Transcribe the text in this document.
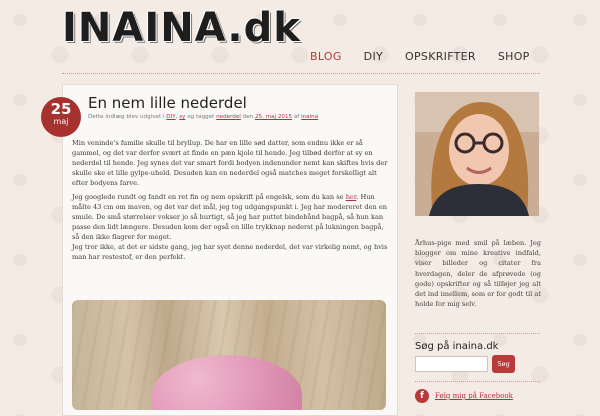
INAINA.dk
BLOG DIY OPSKRIFTER SHOP
25
maj
En nem lille nederdel
Dette indlæg blev udgivet i DIY, sy og tagget nederdel den 25. maj 2015 af inaina

Min veninde's familie skulle til bryllup. De har en lille sød datter, som endnu ikke er så gammel, og det var derfor svært at finde en pæn kjole til hende. Jeg tilbød derfor at sy en nederdel til hende. Jeg synes det var smart fordi bodyen indenunder nemt kan skiftes hvis der skulle ske et lille gylpe-uheld. Desuden kan en nederdel også matches meget forskelligt alt efter bodyens farve.

Jeg googlede rundt og fandt en ret fin og nem opskrift på engelsk, som du kan se her. Hun målte 43 cm om maven, og det var det mål, jeg tog udgangspunkt i. Jeg har modereret den en smule. De små størrelser vokser jo så hurtigt, så jeg har puttet bindebånd bagpå, så hun kan passe den lidt længere. Desuden kom der også en lille trykknap nederst på lukningen bagpå, så den ikke flagrer for meget.

Jeg tror ikke, at det er sidste gang, jeg har syet denne nederdel, det var virkelig nemt, og hvis man har restestof, er den perfekt.

Århus-pige med smil på læben. Jeg blogger om mine kreative indfald, viser billeder og citater fra hverdagen, deler de afprøvede (og gode) opskrifter og så tilføjer jeg alt det ind imellem, som er for godt til at holde for mig selv.
Søg på inaina.dk
Søg
f	Følg mig på Facebook
